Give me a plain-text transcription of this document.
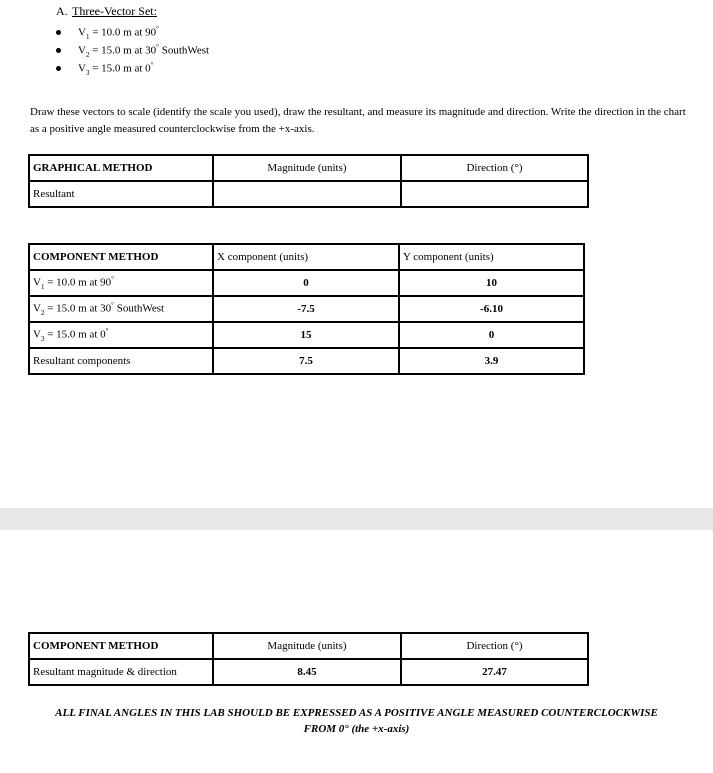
A. Three-Vector Set:
$V_1 = 10.0$ m at 90°
$V_2 = 15.0$ m at 30° SouthWest
$V_3 = 15.0$ m at 0°
Draw these vectors to scale (identify the scale you used), draw the resultant, and measure its magnitude and direction. Write the direction in the chart as a positive angle measured counterclockwise from the +x-axis.
GRAPHICAL METHOD	Magnitude (units)	Direction (°)
Resultant		
COMPONENT METHOD	X component (units)	Y component (units)
$V_1 = 10.0$ m at 90°	0	10
$V_2 = 15.0$ m at 30° SouthWest	-7.5	-6.10
$V_3 = 15.0$ m at 0°	15	0
Resultant components	7.5	3.9
COMPONENT METHOD	Magnitude (units)	Direction (°)
Resultant magnitude & direction	8.45	27.47
ALL FINAL ANGLES IN THIS LAB SHOULD BE EXPRESSED AS A POSITIVE ANGLE MEASURED COUNTERCLOCKWISE
FROM 0° (the +x-axis)
